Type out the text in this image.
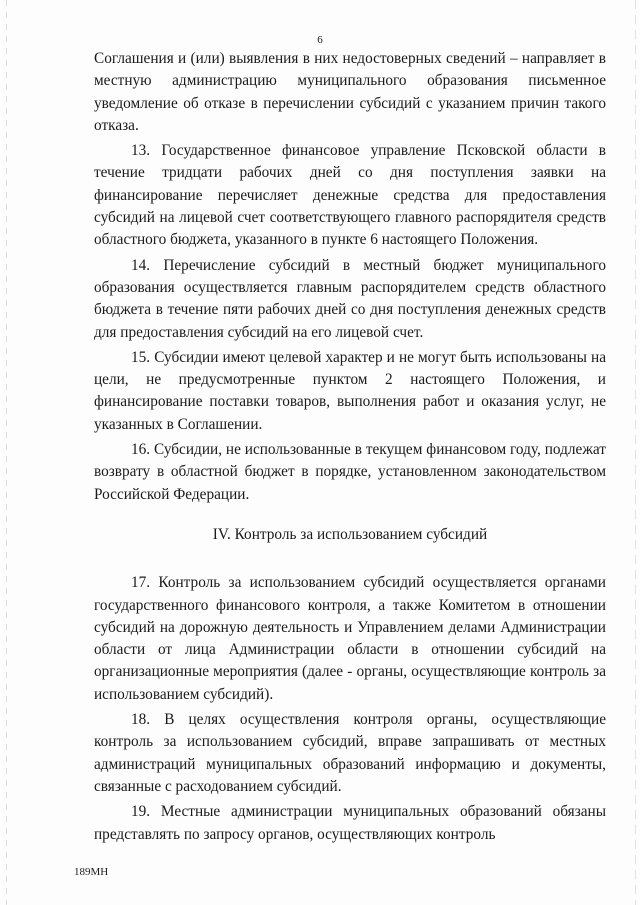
6

Соглашения и (или) выявления в них недостоверных сведений – направляет в местную администрацию муниципального образования письменное уведомление об отказе в перечислении субсидий с указанием причин такого отказа.

13. Государственное финансовое управление Псковской области в течение тридцати рабочих дней со дня поступления заявки на финансирование перечисляет денежные средства для предоставления субсидий на лицевой счет соответствующего главного распорядителя средств областного бюджета, указанного в пункте 6 настоящего Положения.

14. Перечисление субсидий в местный бюджет муниципального образования осуществляется главным распорядителем средств областного бюджета в течение пяти рабочих дней со дня поступления денежных средств для предоставления субсидий на его лицевой счет.

15. Субсидии имеют целевой характер и не могут быть использованы на цели, не предусмотренные пунктом 2 настоящего Положения, и финансирование поставки товаров, выполнения работ и оказания услуг, не указанных в Соглашении.

16. Субсидии, не использованные в текущем финансовом году, подлежат возврату в областной бюджет в порядке, установленном законодательством Российской Федерации.

IV. Контроль за использованием субсидий

17. Контроль за использованием субсидий осуществляется органами государственного финансового контроля, а также Комитетом в отношении субсидий на дорожную деятельность и Управлением делами Администрации области от лица Администрации области в отношении субсидий на организационные мероприятия (далее - органы, осуществляющие контроль за использованием субсидий).

18. В целях осуществления контроля органы, осуществляющие контроль за использованием субсидий, вправе запрашивать от местных администраций муниципальных образований информацию и документы, связанные с расходованием субсидий.

19. Местные администрации муниципальных образований обязаны представлять по запросу органов, осуществляющих контроль

189МН
